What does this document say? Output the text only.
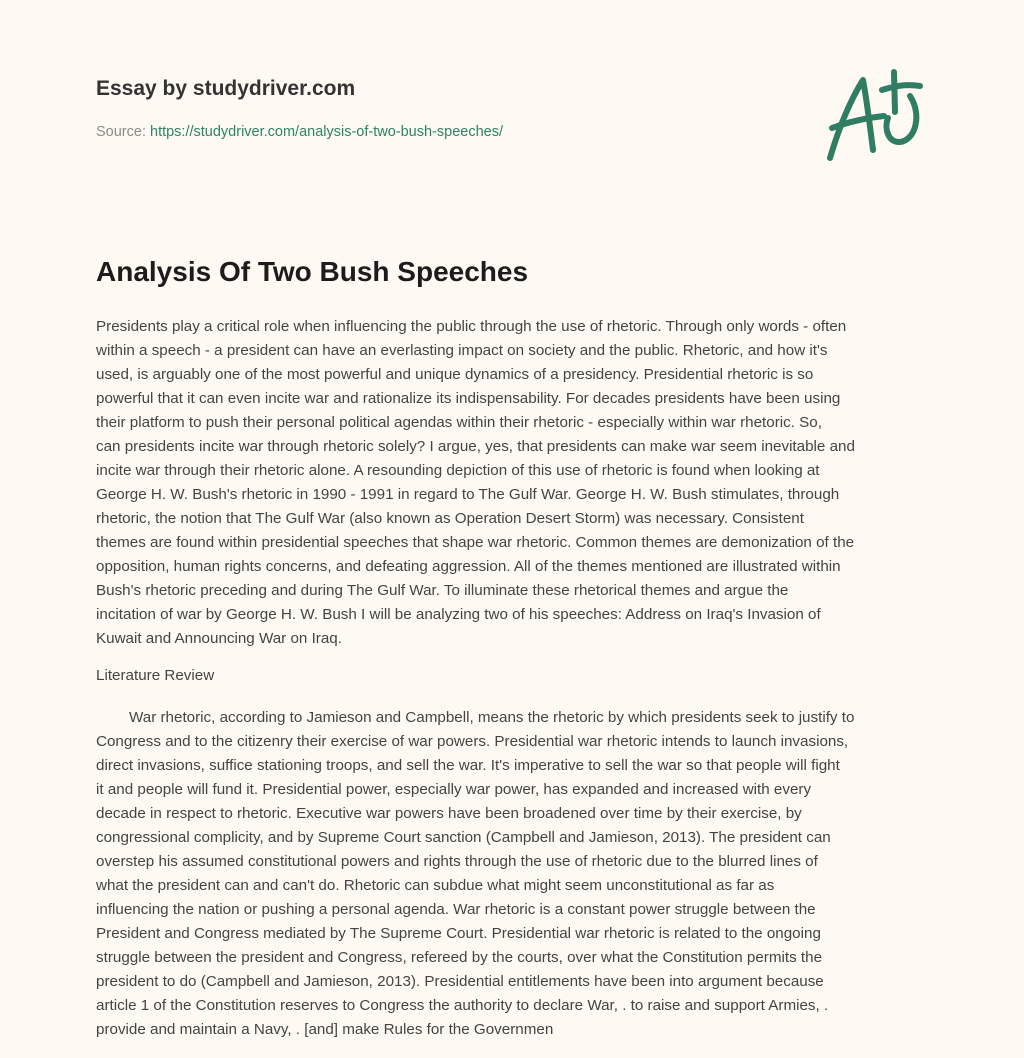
Essay by studydriver.com
Source: https://studydriver.com/analysis-of-two-bush-speeches/
Analysis Of Two Bush Speeches
Presidents play a critical role when influencing the public through the use of rhetoric. Through only words - often
within a speech - a president can have an everlasting impact on society and the public. Rhetoric, and how it's
used, is arguably one of the most powerful and unique dynamics of a presidency. Presidential rhetoric is so
powerful that it can even incite war and rationalize its indispensability. For decades presidents have been using
their platform to push their personal political agendas within their rhetoric - especially within war rhetoric. So,
can presidents incite war through rhetoric solely? I argue, yes, that presidents can make war seem inevitable and
incite war through their rhetoric alone. A resounding depiction of this use of rhetoric is found when looking at
George H. W. Bush's rhetoric in 1990 - 1991 in regard to The Gulf War. George H. W. Bush stimulates, through
rhetoric, the notion that The Gulf War (also known as Operation Desert Storm) was necessary. Consistent
themes are found within presidential speeches that shape war rhetoric. Common themes are demonization of the
opposition, human rights concerns, and defeating aggression. All of the themes mentioned are illustrated within
Bush's rhetoric preceding and during The Gulf War. To illuminate these rhetorical themes and argue the
incitation of war by George H. W. Bush I will be analyzing two of his speeches: Address on Iraq's Invasion of
Kuwait and Announcing War on Iraq.
Literature Review
War rhetoric, according to Jamieson and Campbell, means the rhetoric by which presidents seek to justify to
Congress and to the citizenry their exercise of war powers. Presidential war rhetoric intends to launch invasions,
direct invasions, suffice stationing troops, and sell the war. It's imperative to sell the war so that people will fight
it and people will fund it. Presidential power, especially war power, has expanded and increased with every
decade in respect to rhetoric. Executive war powers have been broadened over time by their exercise, by
congressional complicity, and by Supreme Court sanction (Campbell and Jamieson, 2013). The president can
overstep his assumed constitutional powers and rights through the use of rhetoric due to the blurred lines of
what the president can and can't do. Rhetoric can subdue what might seem unconstitutional as far as
influencing the nation or pushing a personal agenda. War rhetoric is a constant power struggle between the
President and Congress mediated by The Supreme Court. Presidential war rhetoric is related to the ongoing
struggle between the president and Congress, refereed by the courts, over what the Constitution permits the
president to do (Campbell and Jamieson, 2013). Presidential entitlements have been into argument because
article 1 of the Constitution reserves to Congress the authority to declare War, . to raise and support Armies, .
provide and maintain a Navy, . [and] make Rules for the Governmen
